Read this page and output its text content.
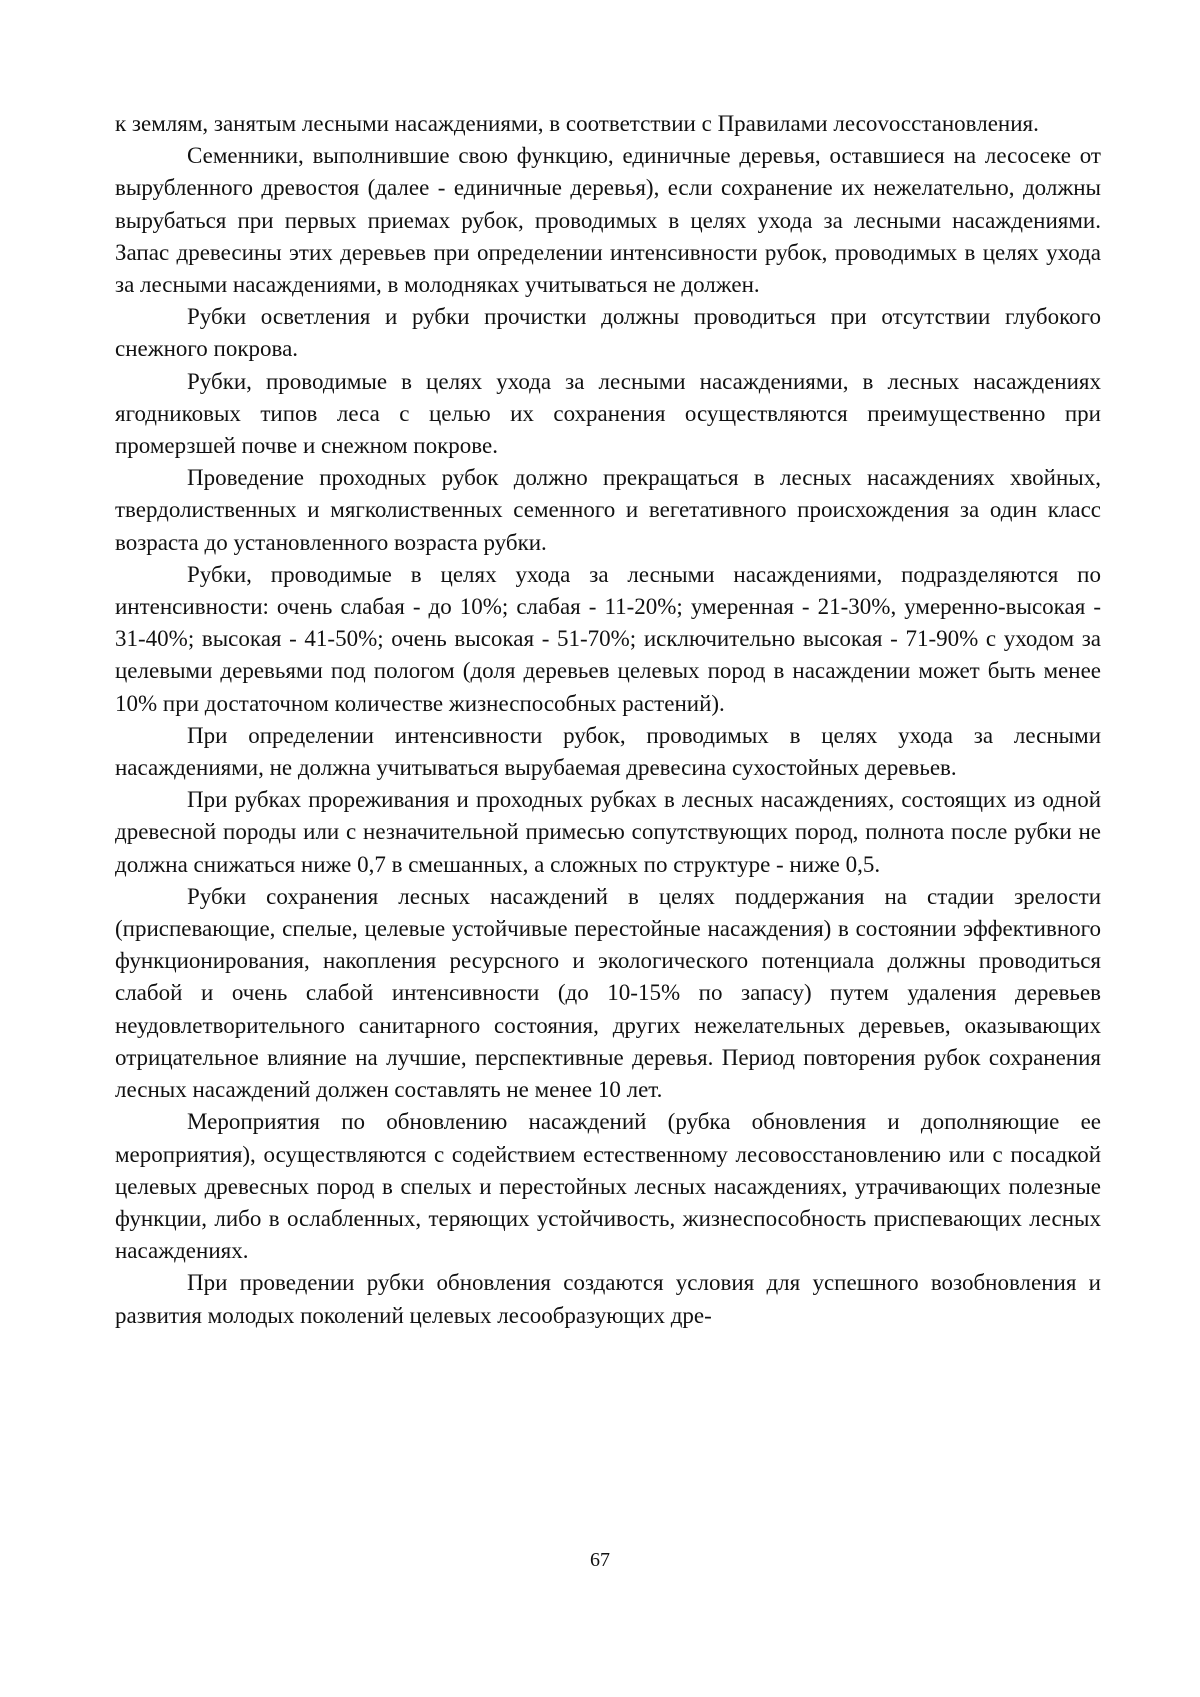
к землям, занятым лесными насаждениями, в соответствии с Правилами лесоvосстановления.

Семенники, выполнившие свою функцию, единичные деревья, оставшиеся на лесосеке от вырубленного древостоя (далее - единичные деревья), если сохранение их нежелательно, должны вырубаться при первых приемах рубок, проводимых в целях ухода за лесными насаждениями. Запас древесины этих деревьев при определении интенсивности рубок, проводимых в целях ухода за лесными насаждениями, в молодняках учитываться не должен.

Рубки осветления и рубки прочистки должны проводиться при отсутствии глубокого снежного покрова.

Рубки, проводимые в целях ухода за лесными насаждениями, в лесных насаждениях ягодниковых типов леса с целью их сохранения осуществляются преимущественно при промерзшей почве и снежном покрове.

Проведение проходных рубок должно прекращаться в лесных насаждениях хвойных, твердолиственных и мягколиственных семенного и вегетативного происхождения за один класс возраста до установленного возраста рубки.

Рубки, проводимые в целях ухода за лесными насаждениями, подразделяются по интенсивности: очень слабая - до 10%; слабая - 11-20%; умеренная - 21-30%, умеренно-высокая - 31-40%; высокая - 41-50%; очень высокая - 51-70%; исключительно высокая - 71-90% с уходом за целевыми деревьями под пологом (доля деревьев целевых пород в насаждении может быть менее 10% при достаточном количестве жизнеспособных растений).

При определении интенсивности рубок, проводимых в целях ухода за лесными насаждениями, не должна учитываться вырубаемая древесина сухостойных деревьев.

При рубках прореживания и проходных рубках в лесных насаждениях, состоящих из одной древесной породы или с незначительной примесью сопутствующих пород, полнота после рубки не должна снижаться ниже 0,7 в смешанных, а сложных по структуре - ниже 0,5.

Рубки сохранения лесных насаждений в целях поддержания на стадии зрелости (приспевающие, спелые, целевые устойчивые перестойные насаждения) в состоянии эффективного функционирования, накопления ресурсного и экологического потенциала должны проводиться слабой и очень слабой интенсивности (до 10-15% по запасу) путем удаления деревьев неудовлетворительного санитарного состояния, других нежелательных деревьев, оказывающих отрицательное влияние на лучшие, перспективные деревья. Период повторения рубок сохранения лесных насаждений должен составлять не менее 10 лет.

Мероприятия по обновлению насаждений (рубка обновления и дополняющие ее мероприятия), осуществляются с содействием естественному лесовосстановлению или с посадкой целевых древесных пород в спелых и перестойных лесных насаждениях, утрачивающих полезные функции, либо в ослабленных, теряющих устойчивость, жизнеспособность приспевающих лесных насаждениях.

При проведении рубки обновления создаются условия для успешного возобновления и развития молодых поколений целевых лесообразующих дре-

67
